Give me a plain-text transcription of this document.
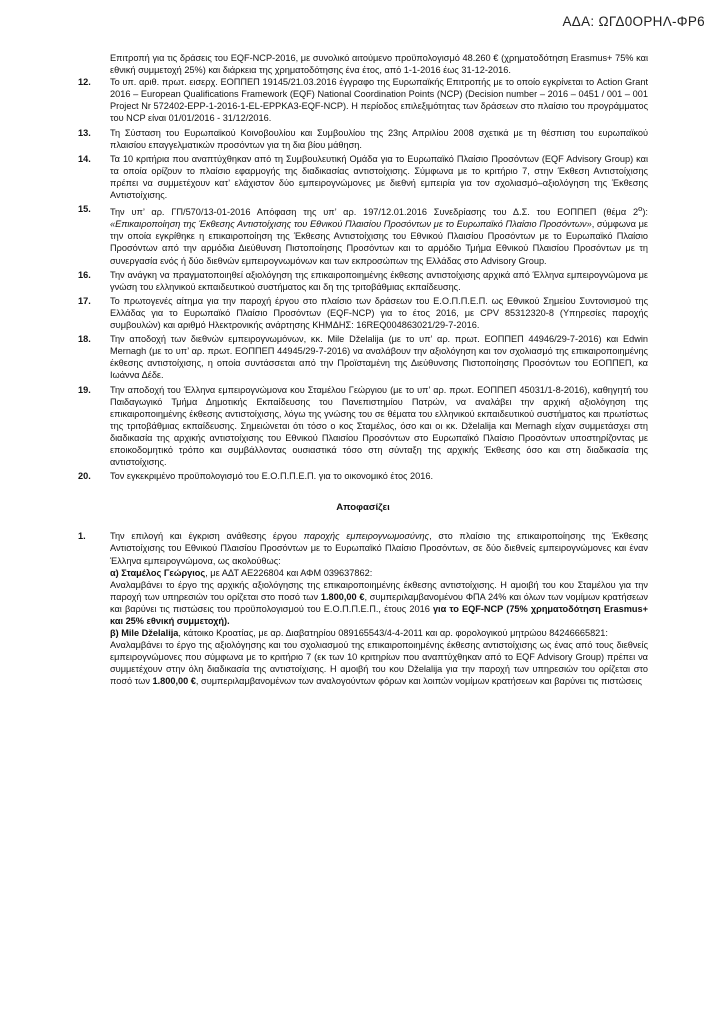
ΑΔΑ: ΩΓΔ0ΟΡΗΛ-ΦΡ6

Επιτροπή για τις δράσεις του EQF-NCP-2016, με συνολικό αιτούμενο προϋπολογισμό 48.260 € (χρηματοδότηση Erasmus+ 75% και εθνική συμμετοχή 25%) και διάρκεια της χρηματοδότησης ένα έτος, από 1-1-2016 έως 31-12-2016.

12. Το υπ. αριθ. πρωτ. εισερχ. ΕΟΠΠΕΠ 19145/21.03.2016 έγγραφο της Ευρωπαϊκής Επιτροπής με το οποίο εγκρίνεται το Action Grant 2016 – European Qualifications Framework (EQF) National Coordination Points (NCP) (Decision number – 2016 – 0451 / 001 – 001 Project Nr 572402-EPP-1-2016-1-EL-EPPKA3-EQF-NCP). Η περίοδος επιλεξιμότητας των δράσεων στο πλαίσιο του προγράμματος του NCP είναι 01/01/2016 - 31/12/2016.
13. Τη Σύσταση του Ευρωπαϊκού Κοινοβουλίου και Συμβουλίου της 23ης Απριλίου 2008 σχετικά με τη θέσπιση του ευρωπαϊκού πλαισίου επαγγελματικών προσόντων για τη δια βίου μάθηση.
14. Τα 10 κριτήρια που αναπτύχθηκαν από τη Συμβουλευτική Ομάδα για το Ευρωπαϊκό Πλαίσιο Προσόντων (EQF Advisory Group) και τα οποία ορίζουν το πλαίσιο εφαρμογής της διαδικασίας αντιστοίχισης. Σύμφωνα με το κριτήριο 7, στην Έκθεση Αντιστοίχισης πρέπει να συμμετέχουν κατ’ ελάχιστον δύο εμπειρογνώμονες με διεθνή εμπειρία για τον σχολιασμό–αξιολόγηση της Έκθεσης Αντιστοίχισης.
15. Την υπ’ αρ. ΓΠ/570/13-01-2016 Απόφαση της υπ’ αρ. 197/12.01.2016 Συνεδρίασης του Δ.Σ. του ΕΟΠΠΕΠ (θέμα $2^o$): «Επικαιροποίηση της Έκθεσης Αντιστοίχισης του Εθνικού Πλαισίου Προσόντων με το Ευρωπαϊκό Πλαίσιο Προσόντων», σύμφωνα με την οποία εγκρίθηκε η επικαιροποίηση της Έκθεσης Αντιστοίχισης του Εθνικού Πλαισίου Προσόντων με το Ευρωπαϊκό Πλαίσιο Προσόντων από την αρμόδια Διεύθυνση Πιστοποίησης Προσόντων και το αρμόδιο Τμήμα Εθνικού Πλαισίου Προσόντων με τη συνεργασία ενός ή δύο διεθνών εμπειρογνωμόνων και των εκπροσώπων της Ελλάδας στο Advisory Group.
16. Την ανάγκη να πραγματοποιηθεί αξιολόγηση της επικαιροποιημένης έκθεσης αντιστοίχισης αρχικά από Έλληνα εμπειρογνώμονα με γνώση του ελληνικού εκπαιδευτικού συστήματος και δη της τριτοβάθμιας εκπαίδευσης.
17. Το πρωτογενές αίτημα για την παροχή έργου στο πλαίσιο των δράσεων του Ε.Ο.Π.Π.Ε.Π. ως Εθνικού Σημείου Συντονισμού της Ελλάδας για το Ευρωπαϊκό Πλαίσιο Προσόντων (EQF-NCP) για το έτος 2016, με CPV 85312320-8 (Υπηρεσίες παροχής συμβουλών) και αριθμό Ηλεκτρονικής ανάρτησης ΚΗΜΔΗΣ: 16REQ004863021/29-7-2016.
18. Την αποδοχή των διεθνών εμπειρογνωμόνων, κκ. Mile Dželalija (με το υπ’ αρ. πρωτ. ΕΟΠΠΕΠ 44946/29-7-2016) και Edwin Mernagh (με το υπ’ αρ. πρωτ. ΕΟΠΠΕΠ 44945/29-7-2016) να αναλάβουν την αξιολόγηση και τον σχολιασμό της επικαιροποιημένης έκθεσης αντιστοίχισης, η οποία συντάσσεται από την Προϊσταμένη της Διεύθυνσης Πιστοποίησης Προσόντων του ΕΟΠΠΕΠ, κα Ιωάννα Δέδε.
19. Την αποδοχή του Έλληνα εμπειρογνώμονα κου Σταμέλου Γεώργιου (με το υπ’ αρ. πρωτ. ΕΟΠΠΕΠ 45031/1-8-2016), καθηγητή του Παιδαγωγικό Τμήμα Δημοτικής Εκπαίδευσης του Πανεπιστημίου Πατρών, να αναλάβει την αρχική αξιολόγηση της επικαιροποιημένης έκθεσης αντιστοίχισης, λόγω της γνώσης του σε θέματα του ελληνικού εκπαιδευτικού συστήματος και πρωτίστως της τριτοβάθμιας εκπαίδευσης. Σημειώνεται ότι τόσο ο κος Σταμέλος, όσο και οι κκ. Dželalija και Mernagh είχαν συμμετάσχει στη διαδικασία της αρχικής αντιστοίχισης του Εθνικού Πλαισίου Προσόντων στο Ευρωπαϊκό Πλαίσιο Προσόντων υποστηρίζοντας με εποικοδομητικό τρόπο και συμβάλλοντας ουσιαστικά τόσο στη σύνταξη της αρχικής Έκθεσης όσο και στη διαδικασία της αντιστοίχισης.
20. Τον εγκεκριμένο προϋπολογισμό του Ε.Ο.Π.Π.Ε.Π. για το οικονομικό έτος 2016.
Αποφασίζει
1.	Την επιλογή και έγκριση ανάθεσης έργου παροχής εμπειρογνωμοσύνης, στο πλαίσιο της επικαιροποίησης της Έκθεσης Αντιστοίχισης του Εθνικού Πλαισίου Προσόντων με το Ευρωπαϊκό Πλαίσιο Προσόντων, σε δύο διεθνείς εμπειρογνώμονες και έναν Έλληνα εμπειρογνώμονα, ως ακολούθως:

α) Σταμέλος Γεώργιος, με ΑΔΤ ΑΕ226804 και ΑΦΜ 039637862:

Αναλαμβάνει το έργο της αρχικής αξιολόγησης της επικαιροποιημένης έκθεσης αντιστοίχισης. Η αμοιβή του κου Σταμέλου για την παροχή των υπηρεσιών του ορίζεται στο ποσό των 1.800,00 €, συμπεριλαμβανομένου ΦΠΑ 24% και όλων των νομίμων κρατήσεων και βαρύνει τις πιστώσεις του προϋπολογισμού του Ε.Ο.Π.Π.Ε.Π., έτους 2016 για το EQF-NCP (75% χρηματοδότηση Erasmus+ και 25% εθνική συμμετοχή).

β) Mile Dželalija, κάτοικο Κροατίας, με αρ. Διαβατηρίου 089165543/4-4-2011 και αρ. φορολογικού μητρώου 84246665821:

Αναλαμβάνει το έργο της αξιολόγησης και του σχολιασμού της επικαιροποιημένης έκθεσης αντιστοίχισης ως ένας από τους διεθνείς εμπειρογνώμονες που σύμφωνα με το κριτήριο 7 (εκ των 10 κριτηρίων που αναπτύχθηκαν από το EQF Advisory Group) πρέπει να συμμετέχουν στην όλη διαδικασία της αντιστοίχισης. Η αμοιβή του κου Dželalija για την παροχή των υπηρεσιών του ορίζεται στο ποσό των 1.800,00 €, συμπεριλαμβανομένων των αναλογούντων φόρων και λοιπών νομίμων κρατήσεων και βαρύνει τις πιστώσεις
